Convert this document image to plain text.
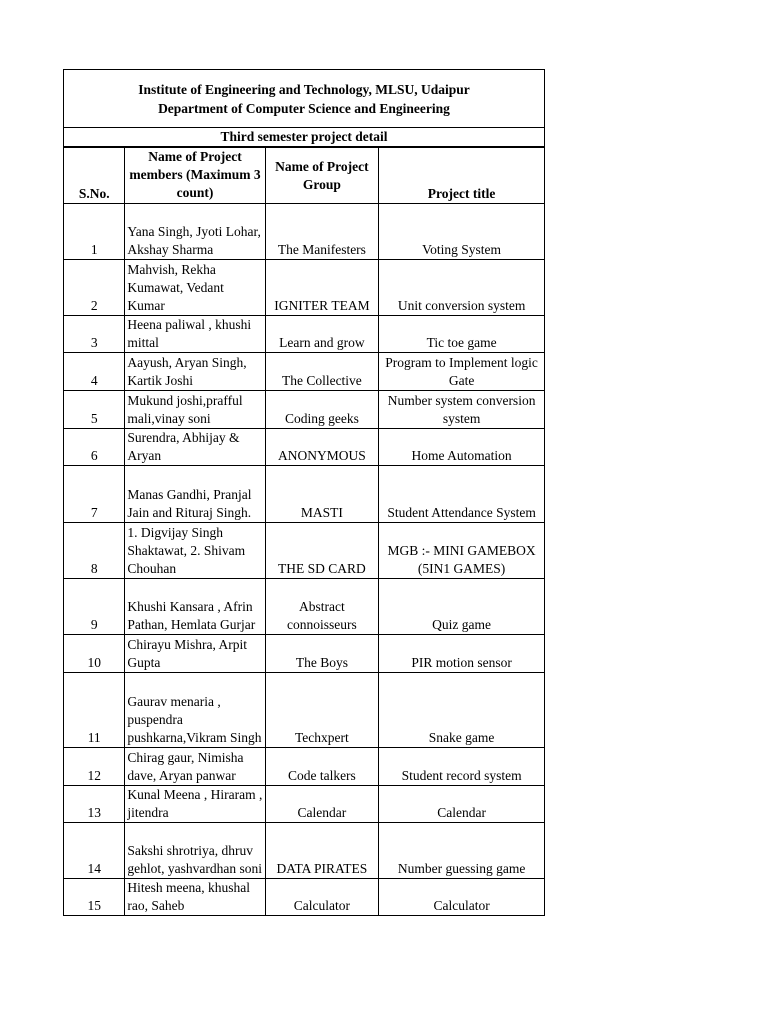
Institute of Engineering and Technology, MLSU, Udaipur
Department of Computer Science and Engineering
Third semester project detail
S.No.	Name of Project members (Maximum 3 count)	Name of Project Group	Project title
1	Yana Singh, Jyoti Lohar, Akshay Sharma	The Manifesters	Voting System
2	Mahvish, Rekha Kumawat, Vedant Kumar	IGNITER TEAM	Unit conversion system
3	Heena paliwal , khushi mittal	Learn and grow	Tic toe game
4	Aayush, Aryan Singh, Kartik Joshi	The Collective	Program to Implement logic Gate
5	Mukund joshi,prafful mali,vinay soni	Coding geeks	Number system conversion system
6	Surendra, Abhijay & Aryan	ANONYMOUS	Home Automation
7	Manas Gandhi, Pranjal Jain and Rituraj Singh.	MASTI	Student Attendance System
8	1. Digvijay Singh Shaktawat, 2. Shivam Chouhan	THE SD CARD	MGB :- MINI GAMEBOX (5IN1 GAMES)
9	Khushi Kansara , Afrin Pathan, Hemlata Gurjar	Abstract connoisseurs	Quiz game
10	Chirayu Mishra, Arpit Gupta	The Boys	PIR motion sensor
11	Gaurav menaria , puspendra pushkarna,Vikram Singh	Techxpert	Snake game
12	Chirag gaur, Nimisha dave, Aryan panwar	Code talkers	Student record system
13	Kunal Meena , Hiraram , jitendra	Calendar	Calendar
14	Sakshi shrotriya, dhruv gehlot, yashvardhan soni	DATA PIRATES	Number guessing game
15	Hitesh meena, khushal rao, Saheb	Calculator	Calculator
